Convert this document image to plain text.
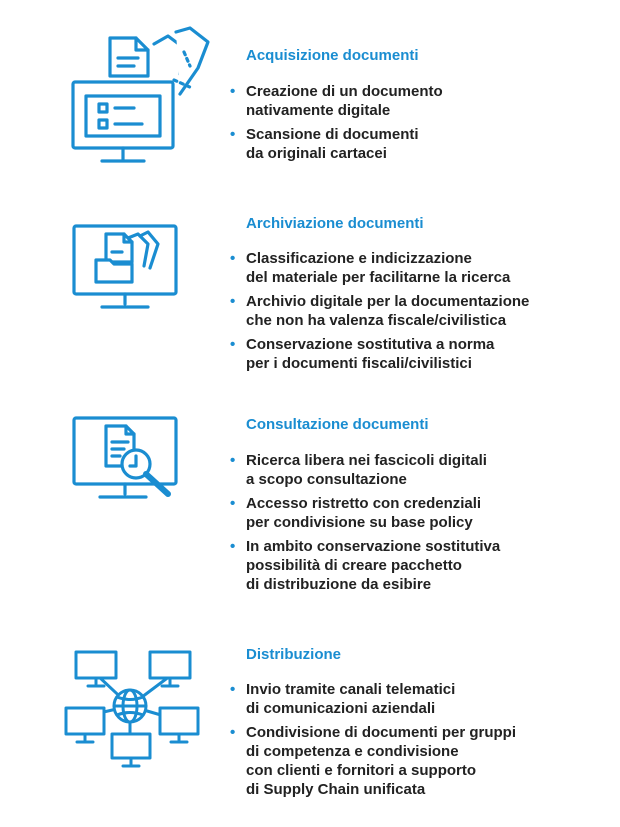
Acquisizione documenti
• Creazione di un documento
nativamente digitale
• Scansione di documenti
da originali cartacei
Archiviazione documenti
• Classificazione e indicizzazione
del materiale per facilitarne la ricerca
• Archivio digitale per la documentazione
che non ha valenza fiscale/civilistica
• Conservazione sostitutiva a norma
per i documenti fiscali/civilistici
Consultazione documenti
• Ricerca libera nei fascicoli digitali
a scopo consultazione
• Accesso ristretto con credenziali
per condivisione su base policy
• In ambito conservazione sostitutiva
possibilità di creare pacchetto
di distribuzione da esibire
Distribuzione
• Invio tramite canali telematici
di comunicazioni aziendali
• Condivisione di documenti per gruppi
di competenza e condivisione
con clienti e fornitori a supporto
di Supply Chain unificata
